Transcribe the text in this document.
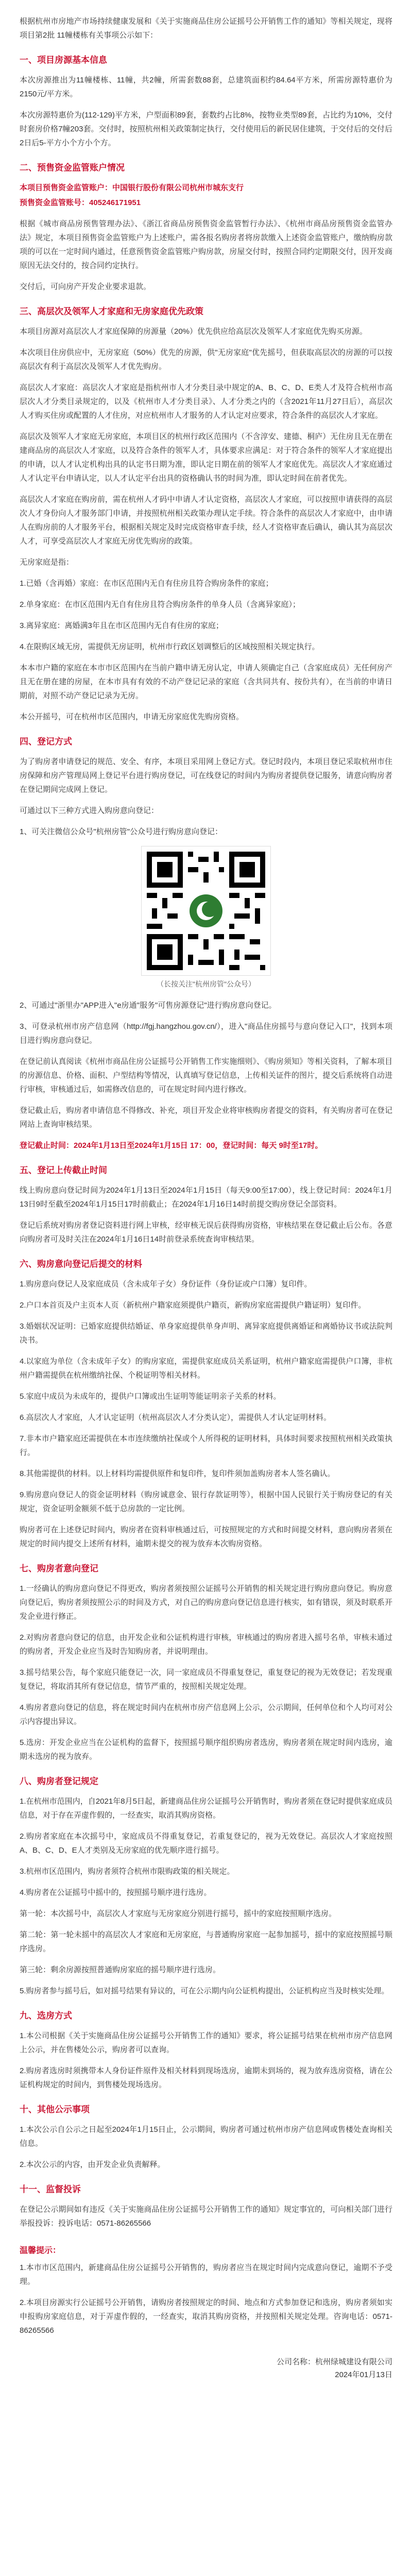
根据杭州市房地产市场持续健康发展和《关于实施商品住房公证摇号公开销售工作的通知》等相关规定，现将 项目第2批 11幢楼栋有关事项公示如下：

一、项目房源基本信息

本次房源推出为11幢楼栋、11幢，共2幢，所需套数88套，总建筑面积约84.64平方米，所需房源特惠价为2150元/平方米。

本次房源特惠价为(112-129)平方米，户型面积89套，套数约占比8%，按物业类型89套，占比约为10%，交付时套房价格7幢203套。交付时，按照杭州相关政策制定执行，交付使用后的新民居住建筑，于交付后的交付后2日后5-平方小个方小个方。

二、预售资金监管账户情况

本项目预售资金监管账户：中国银行股份有限公司杭州市城东支行

预售资金监管账号：405246171951

根据《城市商品房预售管理办法》、《浙江省商品房预售资金监管暂行办法》、《杭州市商品房预售资金监管办法》规定，本项目预售资金监管账户为上述账户，需各报名购房者将房款缴入上述资金监管账户，缴纳购房款项的可以在一定时间内通过，任意预售资金监管账户购房款，房屋交付时，按照合同约定期限交付，因开发商原因无法交付的，按合同约定执行。

交付后，可向房产开发企业要求退款。

三、高层次及领军人才家庭和无房家庭优先政策

本项目房源对高层次人才家庭保障的房源量（20%）优先供应给高层次及领军人才家庭优先购买房源。

本次项目住房供应中，无房家庭（50%）优先的房源，供"无房家庭"优先摇号，但获取高层次的房源的可以按高层次有利于高层次及领军人才优先购房。

高层次人才家庭：高层次人才家庭是指杭州市人才分类目录中规定的A、B、C、D、E类人才及符合杭州市高层次人才分类目录规定的，以及《杭州市人才分类目录》、人才分类之内的（含2021年11月27日后），高层次人才购买住房或配置的人才住房，对应杭州市人才服务的人才认定对应要求，符合条件的高层次人才家庭。

高层次及领军人才家庭无房家庭，本项目区的杭州行政区范围内（不含淳安、建德、桐庐）无住房且无在册在建商品房的高层次人才家庭，以及符合条件的领军人才，具体要求应满足：对于符合条件的领军人才家庭提出的申请，以人才认定机构出具的认定书日期为准，即认定日期在前的领军人才家庭优先。高层次人才家庭通过人才认定平台申请认定，以人才认定平台出具的资格确认书的时间为准，即认定时间在前者优先。

高层次人才家庭在购房前，需在杭州人才码中申请人才认定资格，高层次人才家庭，可以按照申请获得的高层次人才身份向人才服务部门申请，并按照杭州相关政策办理认定手续。符合条件的高层次人才家庭中，由申请人在购房前的人才服务平台，根据相关规定及时完成资格审查手续，经人才资格审查后确认，确认其为高层次人才，可享受高层次人才家庭无房优先购房的政策。

无房家庭是指：

1.已婚（含再婚）家庭：在市区范围内无自有住房且符合购房条件的家庭；

2.单身家庭：在市区范围内无自有住房且符合购房条件的单身人员（含离异家庭）；

3.离异家庭：离婚满3年且在市区范围内无自有住房的家庭；

4.在限购区域无房，需提供无房证明，杭州市行政区划调整后的区域按照相关规定执行。

本本市户籍的家庭在本市市区范围内在当前户籍申请无房认定，申请人须确定自己（含家庭成员）无任何房产且无在册在建的房屋，在本市具有有效的不动产登记记录的家庭（含共同共有、按份共有），在当前的申请日期前，对照不动产登记记录为无房。

本公开摇号，可在杭州市区范围内，申请无房家庭优先购房资格。

四、登记方式

为了购房者申请登记的规范、安全、有序，本项目采用网上登记方式。登记时段内，本项目登记采取杭州市住房保障和房产管理局网上登记平台进行购房登记，可在线登记的时间内为购房者提供登记服务，请意向购房者在登记期间完成网上登记。

可通过以下三种方式进入购房意向登记：

1、可关注微信公众号"杭州房管"公众号进行购房意向登记：

（长按关注"杭州房管"公众号）

2、可通过"浙里办"APP进入"e房通"服务"可售房源登记"进行购房意向登记。

3、可登录杭州市房产信息网（http://fgj.hangzhou.gov.cn/），进入"商品住房摇号与意向登记入口"，找到本项目进行购房意向登记。

在登记前认真阅读《杭州市商品住房公证摇号公开销售工作实施细则》、《购房须知》等相关资料，了解本项目的房源信息、价格、面积、户型结构等情况，认真填写登记信息，上传相关证件的图片，提交后系统将自动进行审核，审核通过后，如需修改信息的，可在规定时间内进行修改。

登记截止后，购房者申请信息不得修改、补充，项目开发企业将审核购房者提交的资料，有关购房者可在登记网站上查询审核结果。

登记截止时间：2024年1月13日至2024年1月15日 17：00，登记时间：每天 9时至17时。

五、登记上传截止时间

线上购房意向登记时间为2024年1月13日至2024年1月15日（每天9:00至17:00），线上登记时间：2024年1月13日9时至截至2024年1月15日17时前截止；在2024年1月16日14时前提交购房登记全部资料。

登记后系统对购房者登记资料进行网上审核，经审核无误后获得购房资格，审核结果在登记截止后公布。各意向购房者可及时关注在2024年1月16日14时前登录系统查询审核结果。

六、购房意向登记后提交的材料

1.购房意向登记人及家庭成员（含未成年子女）身份证件（身份证或户口簿）复印件。

2.户口本首页及户主页本人页（新杭州户籍家庭须提供户籍页，新购房家庭需提供户籍证明）复印件。

3.婚姻状况证明：已婚家庭提供结婚证、单身家庭提供单身声明、离异家庭提供离婚证和离婚协议书或法院判决书。

4.以家庭为单位（含未成年子女）的购房家庭，需提供家庭成员关系证明，杭州户籍家庭需提供户口簿，非杭州户籍需提供在杭州缴纳社保、个税证明等相关材料。

5.家庭中成员为未成年的，提供户口簿或出生证明等能证明亲子关系的材料。

6.高层次人才家庭，人才认定证明（杭州高层次人才分类认定），需提供人才认定证明材料。

7.非本市户籍家庭还需提供在本市连续缴纳社保或个人所得税的证明材料，具体时间要求按照杭州相关政策执行。

8.其他需提供的材料。以上材料均需提供原件和复印件，复印件须加盖购房者本人签名确认。

9.购房意向登记人的资金证明材料（购房诚意金、银行存款证明等），根据中国人民银行关于购房登记的有关规定，资金证明金额须不低于总房款的一定比例。

购房者可在上述登记时间内，购房者在资料审核通过后，可按照规定的方式和时间提交材料，意向购房者须在规定的时间内提交上述所有材料，逾期未提交的视为放弃本次购房资格。

七、购房者意向登记

1.一经确认的购房意向登记不得更改，购房者须按照公证摇号公开销售的相关规定进行购房意向登记。购房意向登记后，购房者须按照公示的时间及方式，对自己的购房意向登记信息进行核实，如有错误，须及时联系开发企业进行修正。

2.对购房者意向登记的信息，由开发企业和公证机构进行审核，审核通过的购房者进入摇号名单，审核未通过的购房者，开发企业应当及时告知购房者，并说明理由。

3.摇号结果公告，每个家庭只能登记一次，同一家庭成员不得重复登记，重复登记的视为无效登记；若发现重复登记，将取消其所有登记信息，情节严重的，按照相关规定处理。

4.购房者意向登记的信息，将在规定时间内在杭州市房产信息网上公示，公示期间，任何单位和个人均可对公示内容提出异议。

5.选房：开发企业应当在公证机构的监督下，按照摇号顺序组织购房者选房，购房者须在规定时间内选房，逾期未选房的视为放弃。

八、购房者登记规定

1.在杭州市范围内，自2021年8月5日起，新建商品住房公证摇号公开销售时，购房者须在登记时提供家庭成员信息，对于存在弄虚作假的，一经查实，取消其购房资格。

2.购房者家庭在本次摇号中，家庭成员不得重复登记，若重复登记的，视为无效登记。高层次人才家庭按照A、B、C、D、E人才类别及无房家庭的优先顺序进行摇号。

3.杭州市区范围内，购房者须符合杭州市限购政策的相关规定。

4.购房者在公证摇号中摇中的，按照摇号顺序进行选房。

第一轮：本次摇号中，高层次人才家庭与无房家庭分别进行摇号，摇中的家庭按照顺序选房。

第二轮：第一轮未摇中的高层次人才家庭和无房家庭，与普通购房家庭一起参加摇号，摇中的家庭按照摇号顺序选房。

第三轮：剩余房源按照普通购房家庭的摇号顺序进行选房。

5.购房者参与摇号后，如对摇号结果有异议的，可在公示期内向公证机构提出，公证机构应当及时核实处理。

九、选房方式

1.本公司根据《关于实施商品住房公证摇号公开销售工作的通知》要求，将公证摇号结果在杭州市房产信息网上公示，并在售楼处公示，购房者可以查询。

2.购房者选房时须携带本人身份证件原件及相关材料到现场选房，逾期未到场的，视为放弃选房资格，请在公证机构规定的时间内，到售楼处现场选房。

十、其他公示事项

1.本次公示自公示之日起至2024年1月15日止，公示期间，购房者可通过杭州市房产信息网或售楼处查询相关信息。

2.本次公示的内容，由开发企业负责解释。

十一、监督投诉

在登记公示期间如有违反《关于实施商品住房公证摇号公开销售工作的通知》规定事宜的，可向相关部门进行举报投诉：投诉电话：0571-86265566

温馨提示：

1.本市市区范围内，新建商品住房公证摇号公开销售的，购房者应当在规定时间内完成意向登记，逾期不予受理。

2.本项目房源实行公证摇号公开销售，请购房者按照规定的时间、地点和方式参加登记和选房，购房者须如实申报购房家庭信息，对于弄虚作假的，一经查实，取消其购房资格，并按照相关规定处理。咨询电话：0571-86265566

公司名称：杭州绿城建设有限公司
2024年01月13日
